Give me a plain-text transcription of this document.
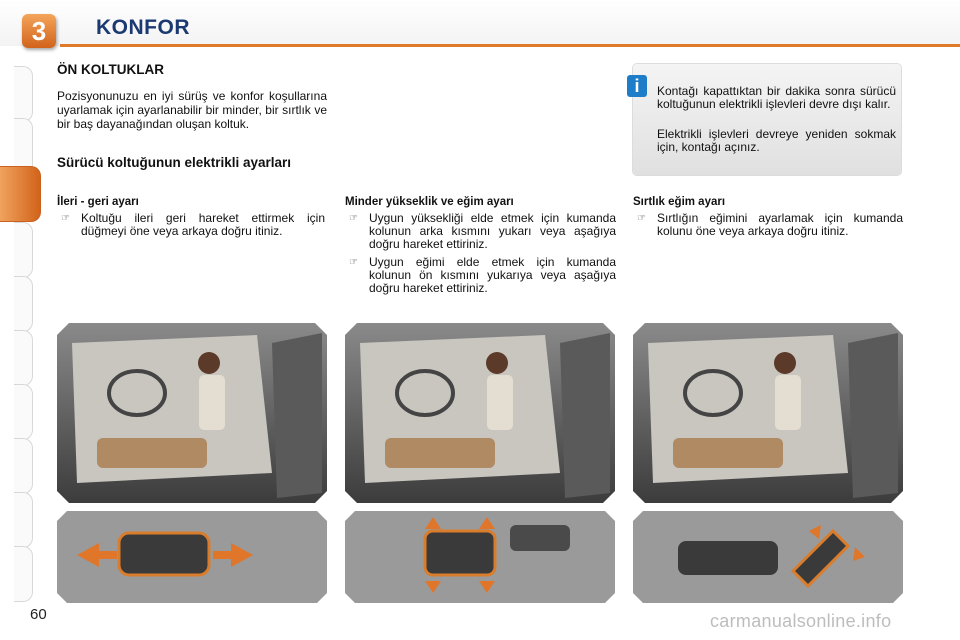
3	KONFOR
ÖN KOLTUKLAR
Pozisyonunuzu en iyi sürüş ve konfor koşullarına uyarlamak için ayarlanabilir bir minder, bir sırtlık ve bir baş dayanağından oluşan koltuk.
Sürücü koltuğunun elektrikli ayarları
i	Kontağı kapattıktan bir dakika sonra sürücü koltuğunun elektrikli işlevleri devre dışı kalır.
Elektrikli işlevleri devreye yeniden sokmak için, kontağı açınız.
İleri - geri ayarı
☞ Koltuğu ileri geri hareket ettirmek için düğmeyi öne veya arkaya doğru itiniz.
Minder yükseklik ve eğim ayarı
☞ Uygun yüksekliği elde etmek için kumanda kolunun arka kısmını yukarı veya aşağıya doğru hareket ettiriniz.
☞ Uygun eğimi elde etmek için kumanda kolunun ön kısmını yukarıya veya aşağıya doğru hareket ettiriniz.
Sırtlık eğim ayarı
☞ Sırtlığın eğimini ayarlamak için kumanda kolunu öne veya arkaya doğru itiniz.
60	carmanualsonline.info
